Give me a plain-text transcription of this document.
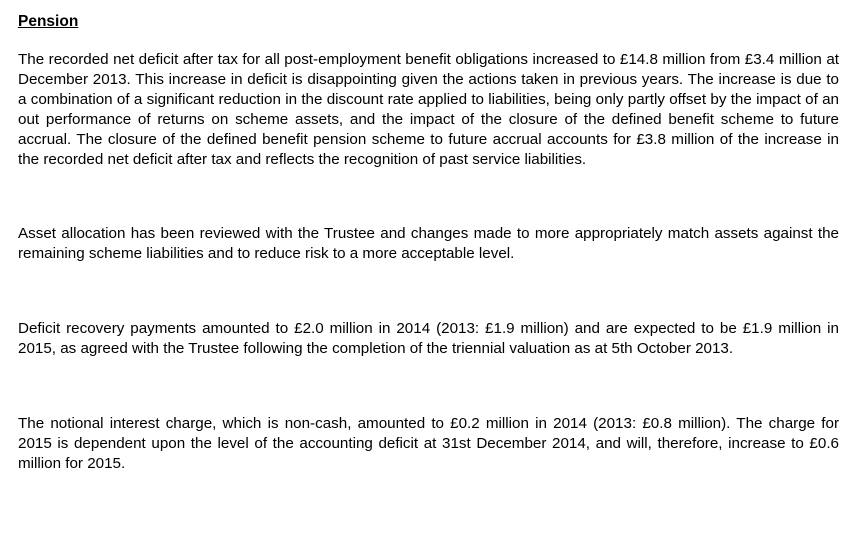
Pension

The recorded net deficit after tax for all post-employment benefit obligations increased to £14.8 million from £3.4 million at December 2013. This increase in deficit is disappointing given the actions taken in previous years. The increase is due to a combination of a significant reduction in the discount rate applied to liabilities, being only partly offset by the impact of an out performance of returns on scheme assets, and the impact of the closure of the defined benefit scheme to future accrual. The closure of the defined benefit pension scheme to future accrual accounts for £3.8 million of the increase in the recorded net deficit after tax and reflects the recognition of past service liabilities.

Asset allocation has been reviewed with the Trustee and changes made to more appropriately match assets against the remaining scheme liabilities and to reduce risk to a more acceptable level.

Deficit recovery payments amounted to £2.0 million in 2014 (2013: £1.9 million) and are expected to be £1.9 million in 2015, as agreed with the Trustee following the completion of the triennial valuation as at 5th October 2013.

The notional interest charge, which is non-cash, amounted to £0.2 million in 2014 (2013: £0.8 million). The charge for 2015 is dependent upon the level of the accounting deficit at 31st December 2014, and will, therefore, increase to £0.6 million for 2015.
